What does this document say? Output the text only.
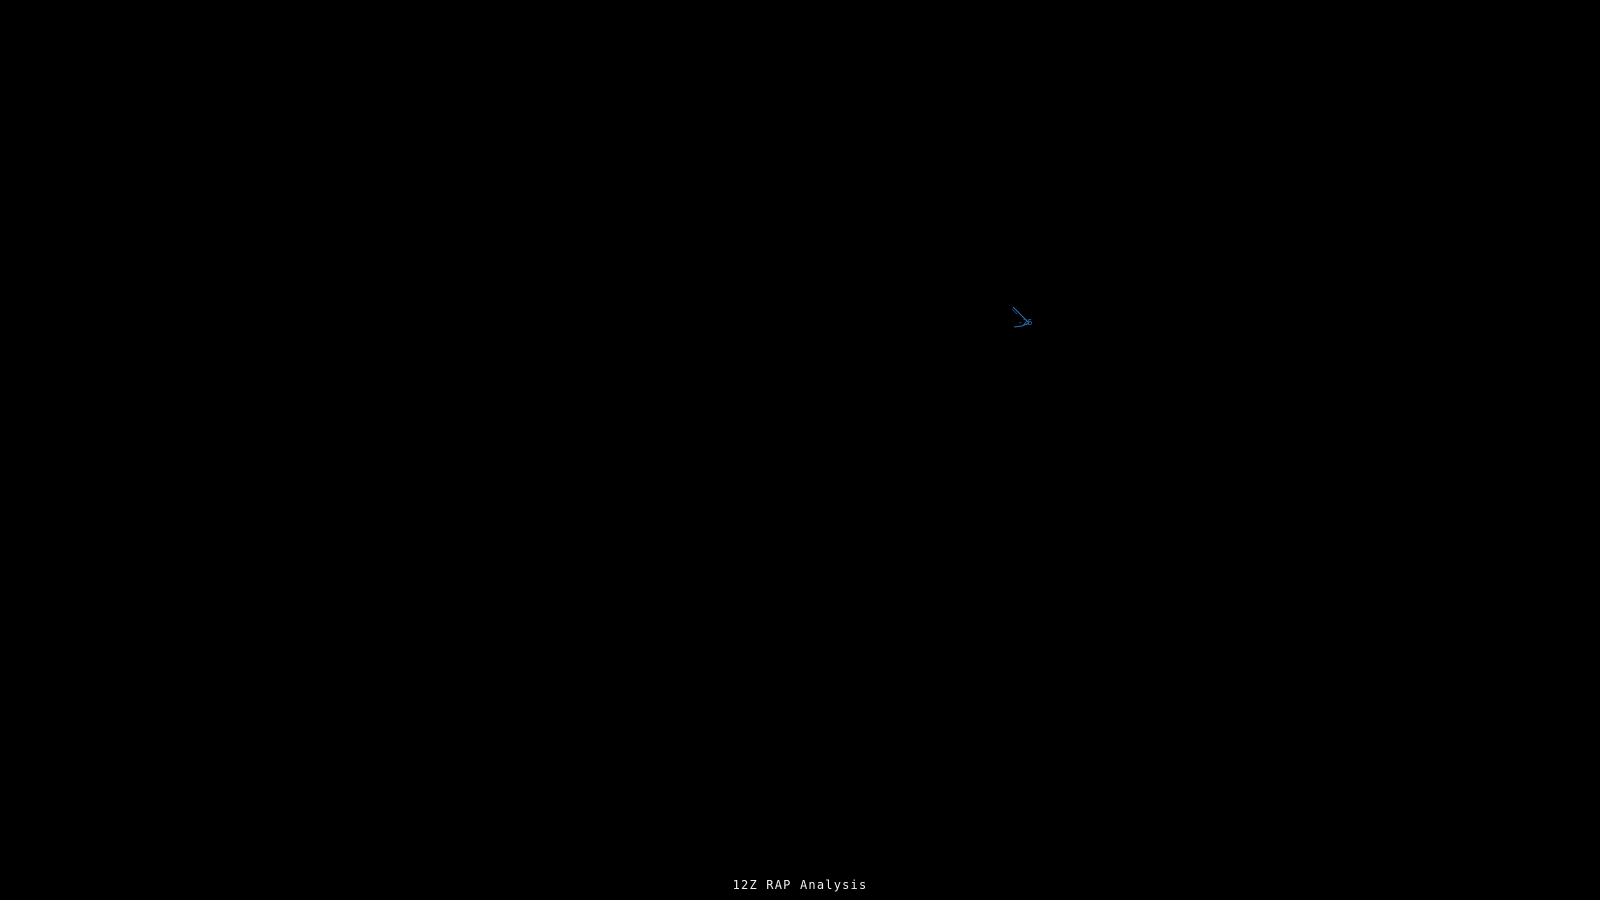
-25
12Z RAP Analysis
